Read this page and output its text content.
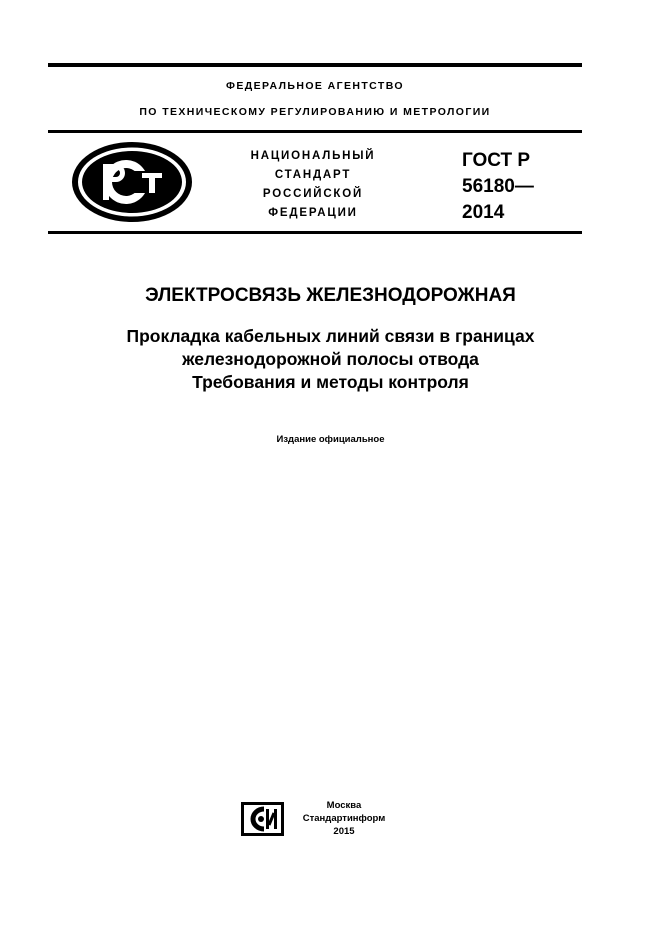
ФЕДЕРАЛЬНОЕ АГЕНТСТВО
ПО ТЕХНИЧЕСКОМУ РЕГУЛИРОВАНИЮ И МЕТРОЛОГИИ
НАЦИОНАЛЬНЫЙ
СТАНДАРТ
РОССИЙСКОЙ
ФЕДЕРАЦИИ
ГОСТ Р
56180—
2014
ЭЛЕКТРОСВЯЗЬ ЖЕЛЕЗНОДОРОЖНАЯ
Прокладка кабельных линий связи в границах
железнодорожной полосы отвода
Требования и методы контроля
Издание официальное
Москва
Стандартинформ
2015
